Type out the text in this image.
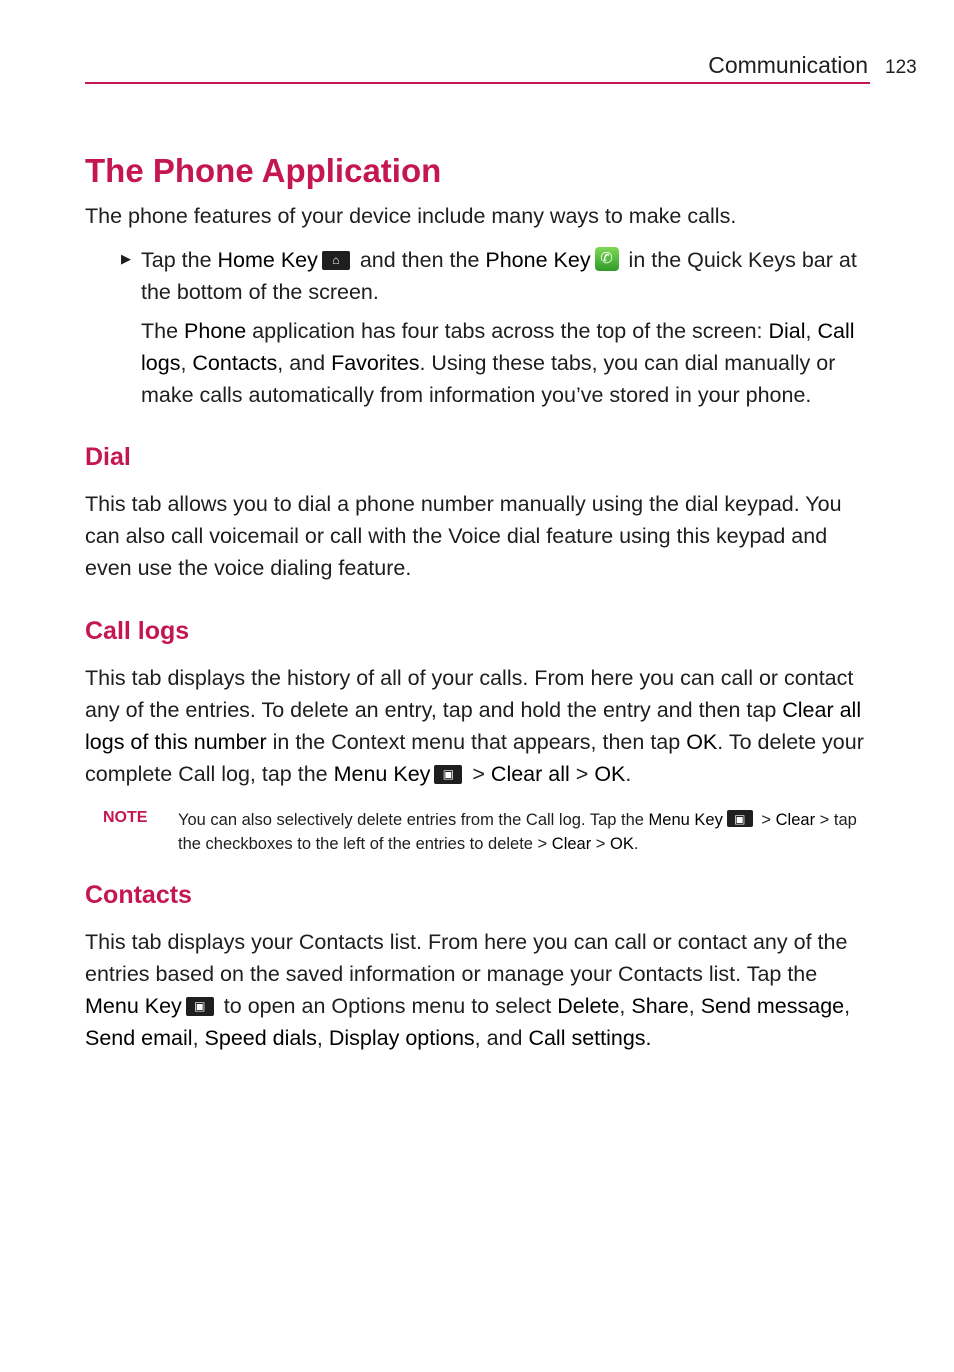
Communication 123
The Phone Application

The phone features of your device include many ways to make calls.

▶ Tap the Home Key	⌂ and then the Phone Key ✆ in the Quick Keys bar at the bottom of the screen.

The Phone application has four tabs across the top of the screen: Dial, Call logs, Contacts, and Favorites. Using these tabs, you can dial manually or make calls automatically from information you’ve stored in your phone.

Dial

This tab allows you to dial a phone number manually using the dial keypad. You can also call voicemail or call with the Voice dial feature using this keypad and even use the voice dialing feature.

Call logs

This tab displays the history of all of your calls. From here you can call or contact any of the entries. To delete an entry, tap and hold the entry and then tap Clear all logs of this number in the Context menu that appears, then tap OK. To delete your complete Call log, tap the Menu Key	▣ > Clear all > OK.

NOTE You can also selectively delete entries from the Call log. Tap the Menu Key ▣ > Clear > tap the checkboxes to the left of the entries to delete > Clear > OK.

Contacts

This tab displays your Contacts list. From here you can call or contact any of the entries based on the saved information or manage your Contacts list. Tap the Menu Key	▣ to open an Options menu to select Delete, Share, Send message, Send email, Speed dials, Display options, and Call settings.
